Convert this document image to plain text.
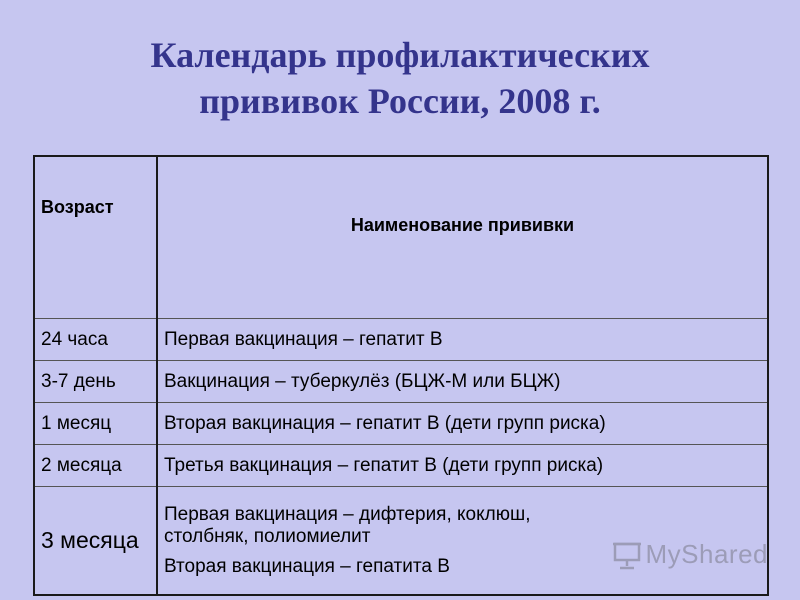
Календарь профилактических
прививок России, 2008 г.
Возраст	Наименование прививки
24 часа	Первая вакцинация – гепатит В
3-7 день	Вакцинация – туберкулёз (БЦЖ-М или БЦЖ)
1 месяц	Вторая вакцинация – гепатит В (дети групп риска)
2 месяца	Третья вакцинация – гепатит В (дети групп риска)
3 месяца	Первая вакцинация – дифтерия, коклюш,
столбняк, полиомиелит
Вторая вакцинация – гепатита В	MyShared
